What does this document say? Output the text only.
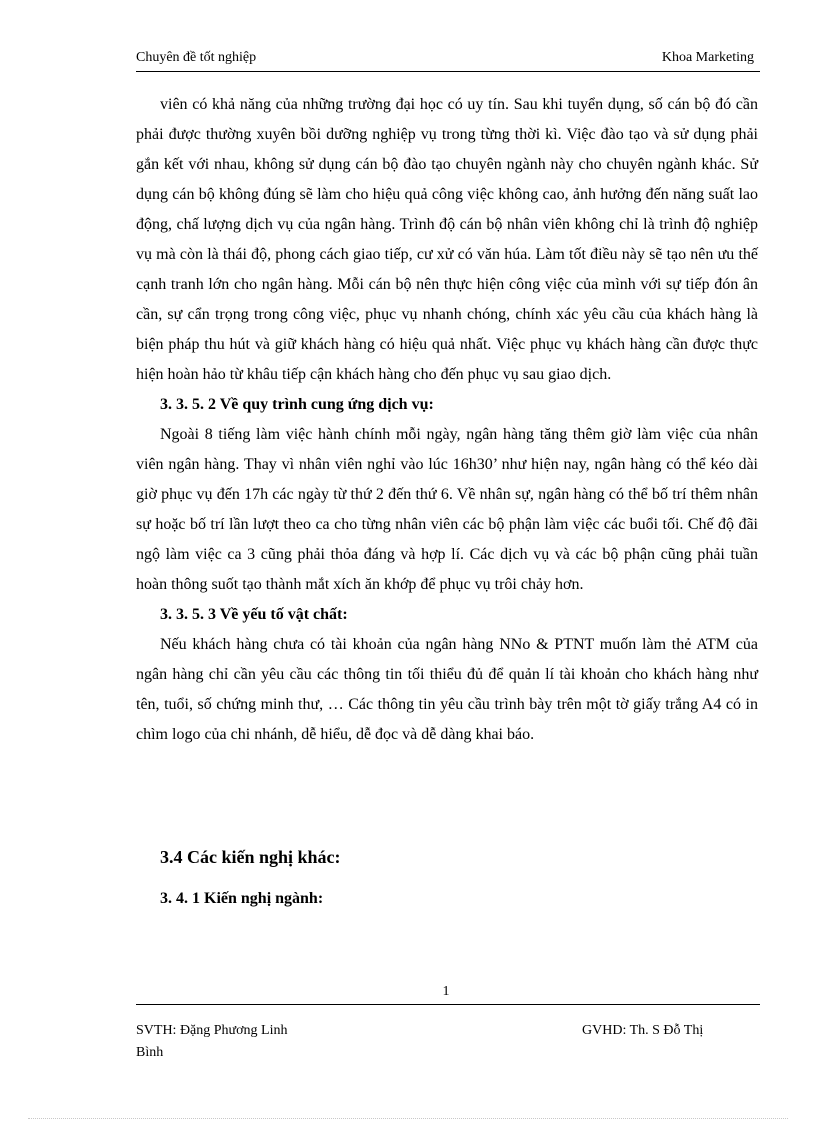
Chuyên đề tốt nghiệp	Khoa Marketing

viên có khả năng của những trường đại học có uy tín. Sau khi tuyển dụng, số cán bộ đó cần phải được thường xuyên bồi dưỡng nghiệp vụ trong từng thời kì. Việc đào tạo và sử dụng phải gắn kết với nhau, không sử dụng cán bộ đào tạo chuyên ngành này cho chuyên ngành khác. Sử dụng cán bộ không đúng sẽ làm cho hiệu quả công việc không cao, ảnh hưởng đến năng suất lao động, chấ lượng dịch vụ của ngân hàng. Trình độ cán bộ nhân viên không chỉ là trình độ nghiệp vụ mà còn là thái độ, phong cách giao tiếp, cư xử có văn húa. Làm tốt điều này sẽ tạo nên ưu thế cạnh tranh lớn cho ngân hàng. Mỗi cán bộ nên thực hiện công việc của mình với sự tiếp đón ân cần, sự cẩn trọng trong công việc, phục vụ nhanh chóng, chính xác yêu cầu của khách hàng là biện pháp thu hút và giữ khách hàng có hiệu quả nhất. Việc phục vụ khách hàng cần được thực hiện hoàn hảo từ khâu tiếp cận khách hàng cho đến phục vụ sau giao dịch.

3. 3. 5. 2 Về quy trình cung ứng dịch vụ:

Ngoài 8 tiếng làm việc hành chính mỗi ngày, ngân hàng tăng thêm giờ làm việc của nhân viên ngân hàng. Thay vì nhân viên nghỉ vào lúc 16h30’ như hiện nay, ngân hàng có thể kéo dài giờ phục vụ đến 17h các ngày từ thứ 2 đến thứ 6. Về nhân sự, ngân hàng có thể bố trí thêm nhân sự hoặc bố trí lần lượt theo ca cho từng nhân viên các bộ phận làm việc các buổi tối. Chế độ đãi ngộ làm việc ca 3 cũng phải thỏa đáng và hợp lí. Các dịch vụ và các bộ phận cũng phải tuần hoàn thông suốt tạo thành mắt xích ăn khớp để phục vụ trôi chảy hơn.

3. 3. 5. 3 Về yếu tố vật chất:

Nếu khách hàng chưa có tài khoản của ngân hàng NNo & PTNT muốn làm thẻ ATM của ngân hàng chỉ cần yêu cầu các thông tin tối thiểu đủ để quản lí tài khoản cho khách hàng như tên, tuổi, số chứng minh thư, … Các thông tin yêu cầu trình bày trên một tờ giấy trắng A4 có in chìm logo của chi nhánh, dễ hiểu, dễ đọc và dễ dàng khai báo.

3.4 Các kiến nghị khác:
3. 4. 1 Kiến nghị ngành:
1
SVTH: Đặng Phương Linh	GVHD: Th. S Đỗ Thị
Bình
